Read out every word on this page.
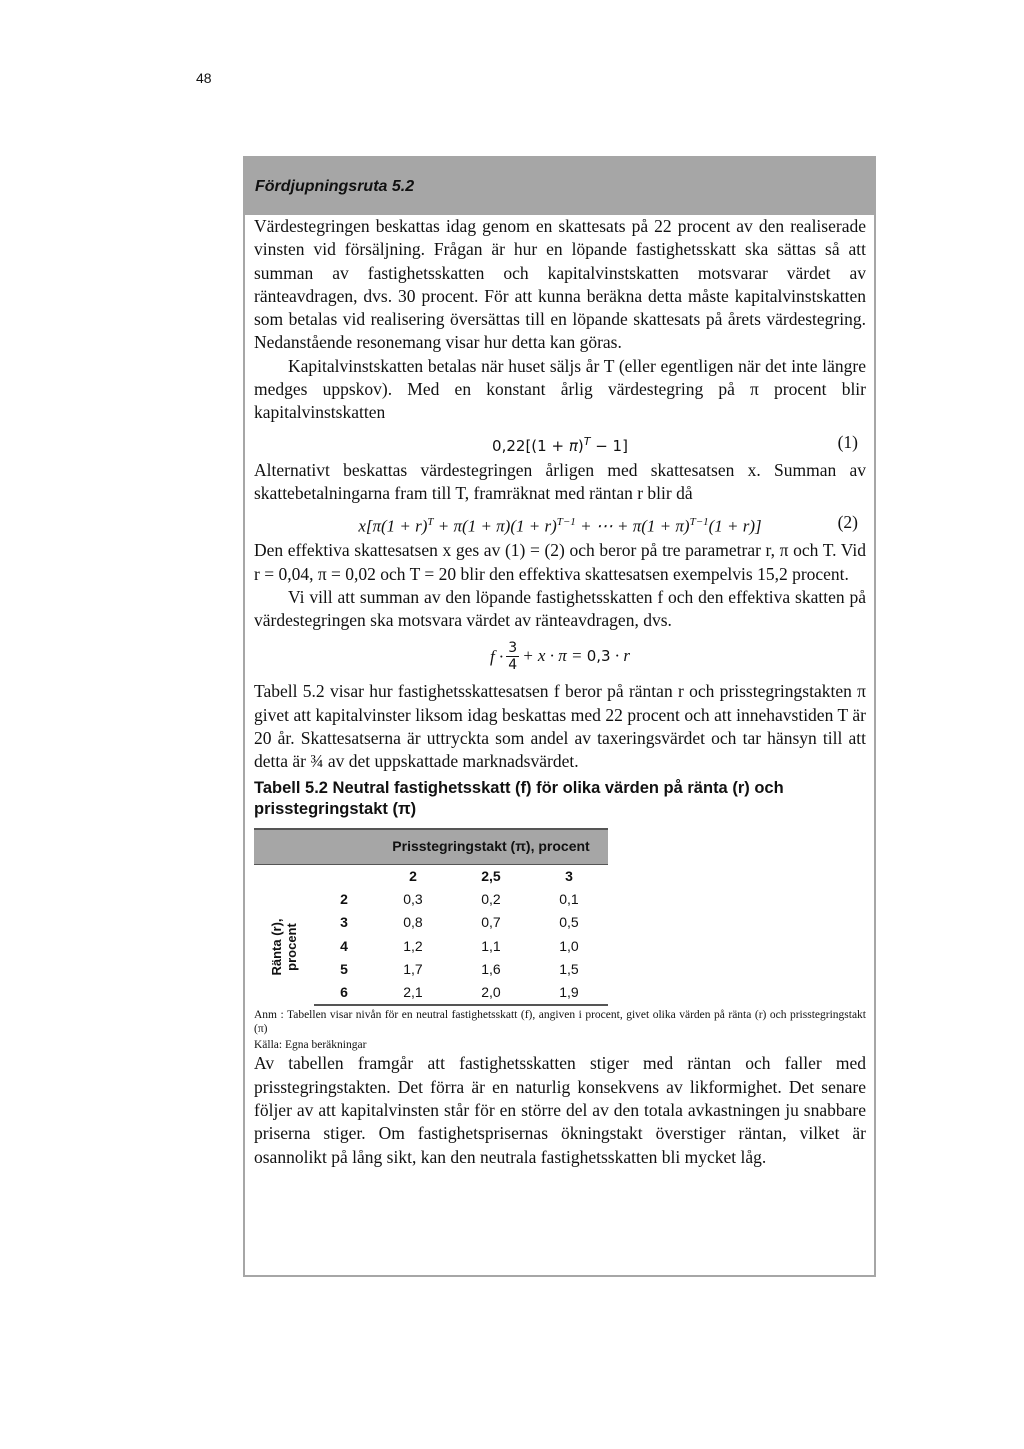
48
Fördjupningsruta 5.2

Värdestegringen beskattas idag genom en skattesats på 22 procent av den realiserade vinsten vid försäljning. Frågan är hur en löpande fastighetsskatt ska sättas så att summan av fastighetsskatten och kapitalvinstskatten motsvarar värdet av ränteavdragen, dvs. 30 procent. För att kunna beräkna detta måste kapitalvinstskatten som betalas vid realisering översättas till en löpande skattesats på årets värdestegring. Nedanstående resonemang visar hur detta kan göras.

Kapitalvinstskatten betalas när huset säljs år T (eller egentligen när det inte längre medges uppskov). Med en konstant årlig värdestegring på π procent blir kapitalvinstskatten

$0,22[(1 + \pi)^T - 1]$	(1)

Alternativt beskattas värdestegringen årligen med skattesatsen x. Summan av skattebetalningarna fram till T, framräknat med räntan r blir då

$x[\pi(1 + r)^T + \pi(1 + \pi)(1 + r)^{T-1}$ + ⋯ + $\pi(1 + \pi)^{T-1}(1 + r)$]	(2)

Den effektiva skattesatsen x ges av (1) = (2) och beror på tre parametrar r, π och T. Vid r = 0,04, π = 0,02 och T = 20 blir den effektiva skattesatsen exempelvis 15,2 procent.

Vi vill att summan av den löpande fastighetsskatten f och den effektiva skatten på värdestegringen ska motsvara värdet av ränteavdragen, dvs.

$f \cdot \frac{3}{4} + x \cdot \pi = 0,3 \cdot r$

Tabell 5.2 visar hur fastighetsskattesatsen f beror på räntan r och prisstegringstakten π givet att kapitalvinster liksom idag beskattas med 22 procent och att innehavstiden T är 20 år. Skattesatserna är uttryckta som andel av taxeringsvärdet och tar hänsyn till att detta är ¾ av det uppskattade marknadsvärdet.

Tabell 5.2 Neutral fastighetsskatt (f) för olika värden på ränta (r) och prisstegringstakt (π)
		Prisstegringstakt (π), procent		
		2	2,5	3

Ränta (r), procent	2	0,3	0,2	0,1
	3	0,8	0,7	0,5
	4	1,2	1,1	1,0
	5	1,7	1,6	1,5
	6	2,1	2,0	1,9
Anm : Tabellen visar nivån för en neutral fastighetsskatt (f), angiven i procent, givet olika värden på ränta (r) och prisstegringstakt (π)
Källa: Egna beräkningar

Av tabellen framgår att fastighetsskatten stiger med räntan och faller med prisstegringstakten. Det förra är en naturlig konsekvens av likformighet. Det senare följer av att kapitalvinsten står för en större del av den totala avkastningen ju snabbare priserna stiger. Om fastighetsprisernas ökningstakt överstiger räntan, vilket är osannolikt på lång sikt, kan den neutrala fastighetsskatten bli mycket låg.
